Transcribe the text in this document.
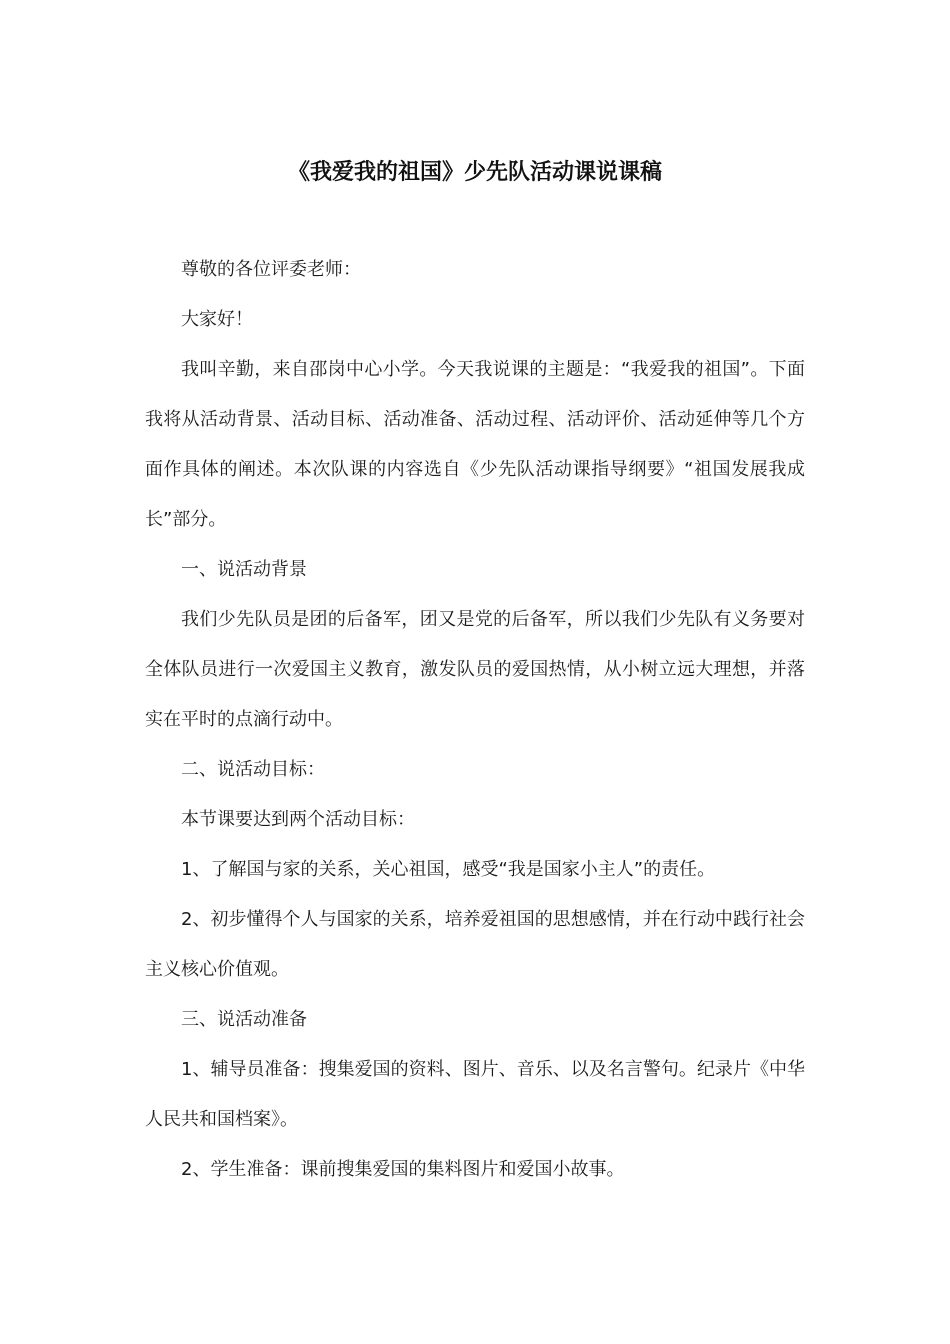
《我爱我的祖国》少先队活动课说课稿

尊敬的各位评委老师：

大家好！

我叫辛勤，来自邵岗中心小学。今天我说课的主题是：“我爱我的祖国”。下面我将从活动背景、活动目标、活动准备、活动过程、活动评价、活动延伸等几个方面作具体的阐述。本次队课的内容选自《少先队活动课指导纲要》“祖国发展我成长”部分。

一、说活动背景

我们少先队员是团的后备军，团又是党的后备军，所以我们少先队有义务要对全体队员进行一次爱国主义教育，激发队员的爱国热情，从小树立远大理想，并落实在平时的点滴行动中。

二、说活动目标：

本节课要达到两个活动目标：

1、了解国与家的关系，关心祖国，感受“我是国家小主人”的责任。

2、初步懂得个人与国家的关系，培养爱祖国的思想感情，并在行动中践行社会主义核心价值观。

三、说活动准备

1、辅导员准备：搜集爱国的资料、图片、音乐、以及名言警句。纪录片《中华人民共和国档案》。

2、学生准备：课前搜集爱国的集料图片和爱国小故事。
